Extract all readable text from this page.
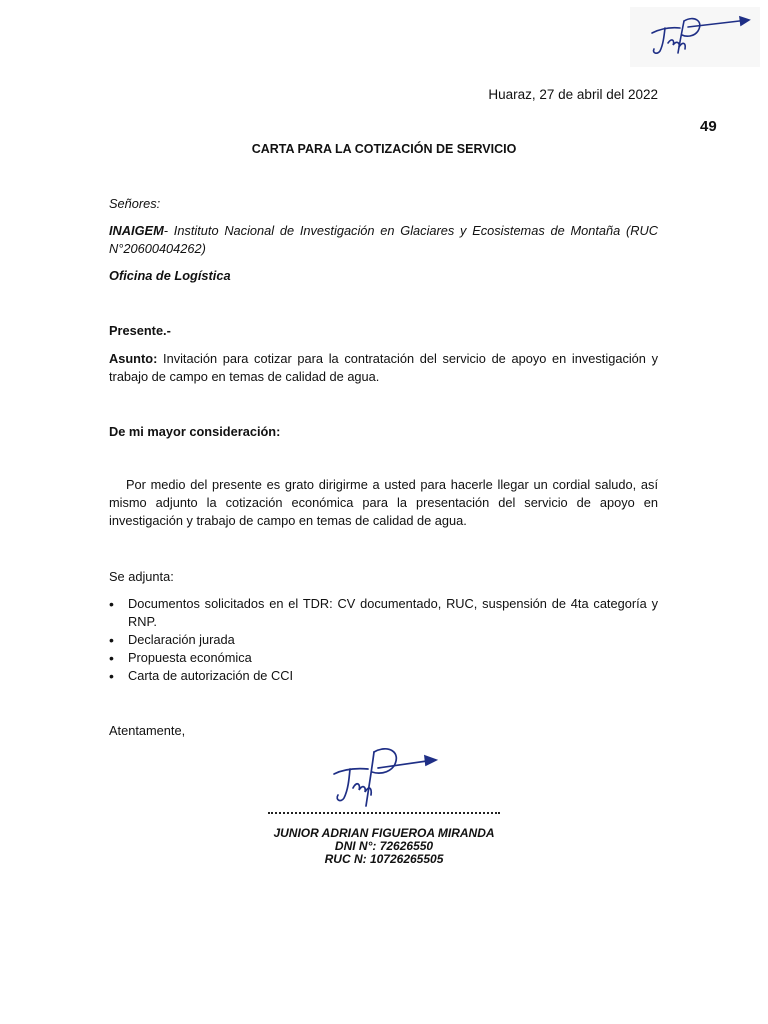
Huaraz, 27 de abril del 2022
49
CARTA PARA LA COTIZACIÓN DE SERVICIO
Señores:
INAIGEM- Instituto Nacional de Investigación en Glaciares y Ecosistemas de Montaña (RUC N°20600404262)
Oficina de Logística
Presente.-
Asunto: Invitación para cotizar para la contratación del servicio de apoyo en investigación y trabajo de campo en temas de calidad de agua.
De mi mayor consideración:
Por medio del presente es grato dirigirme a usted para hacerle llegar un cordial saludo, así mismo adjunto la cotización económica para la presentación del servicio de apoyo en investigación y trabajo de campo en temas de calidad de agua.
Se adjunta:
• Documentos solicitados en el TDR: CV documentado, RUC, suspensión de 4ta categoría y RNP.
• Declaración jurada
• Propuesta económica
• Carta de autorización de CCI
Atentamente,
JUNIOR ADRIAN FIGUEROA MIRANDA
DNI N°: 72626550
RUC N: 10726265505
